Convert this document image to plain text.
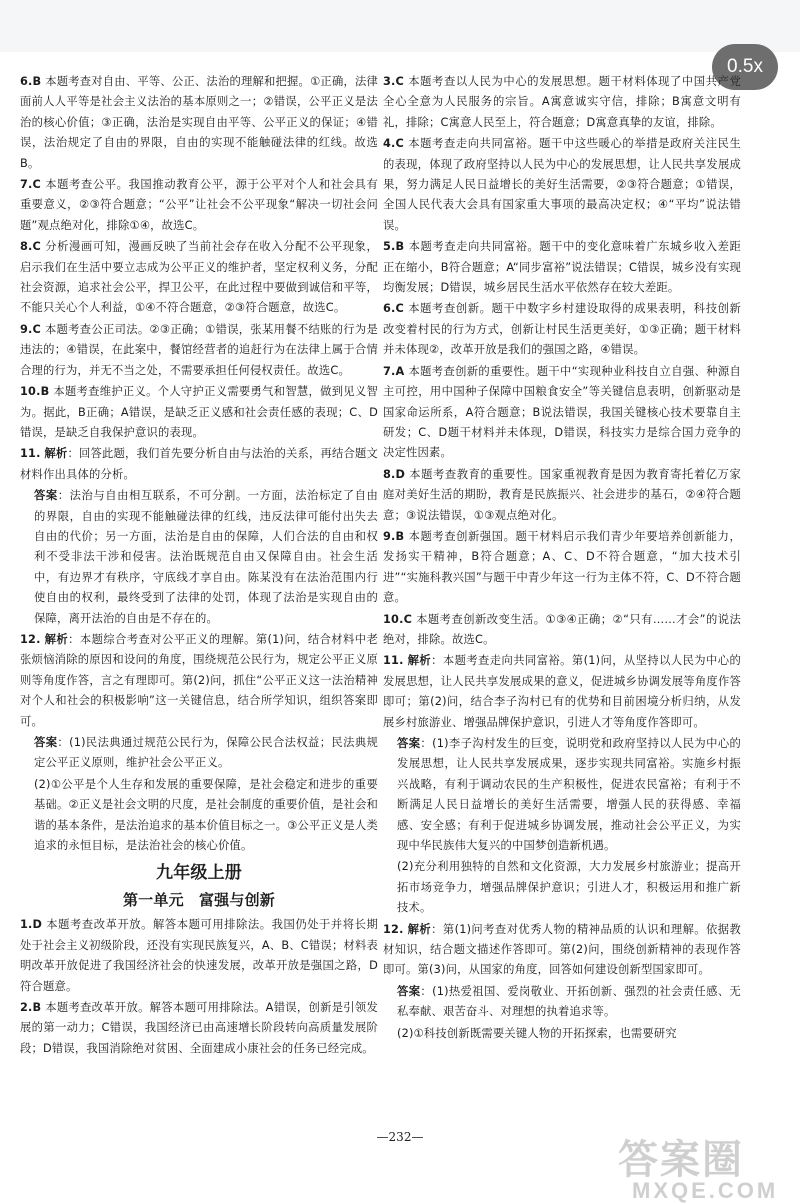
0.5x
6.B 本题考查对自由、平等、公正、法治的理解和把握。①正确，法律面前人人平等是社会主义法治的基本原则之一；②错误，公平正义是法治的核心价值；③正确，法治是实现自由平等、公平正义的保证；④错误，法治规定了自由的界限，自由的实现不能触碰法律的红线。故选B。
7.C 本题考查公平。我国推动教育公平，源于公平对个人和社会具有重要意义，②③符合题意；“公平”让社会不公平现象“解决一切社会问题”观点绝对化，排除①④，故选C。
8.C 分析漫画可知，漫画反映了当前社会存在收入分配不公平现象，启示我们在生活中要立志成为公平正义的维护者，坚定权利义务，分配社会资源，追求社会公平，捍卫公平，在此过程中要做到诚信和平等，不能只关心个人利益，①④不符合题意，②③符合题意，故选C。
9.C 本题考查公正司法。②③正确；①错误，张某用餐不结账的行为是违法的；④错误，在此案中，餐馆经营者的追赶行为在法律上属于合情合理的行为，并无不当之处，不需要承担任何侵权责任。故选C。
10.B 本题考查维护正义。个人守护正义需要勇气和智慧，做到见义智为。据此，B正确；A错误，是缺乏正义感和社会责任感的表现；C、D错误，是缺乏自我保护意识的表现。
11. 解析：回答此题，我们首先要分析自由与法治的关系，再结合题文材料作出具体的分析。
答案：法治与自由相互联系，不可分割。一方面，法治标定了自由的界限，自由的实现不能触碰法律的红线，违反法律可能付出失去自由的代价；另一方面，法治是自由的保障，人们合法的自由和权利不受非法干涉和侵害。法治既规范自由又保障自由。社会生活中，有边界才有秩序，守底线才享自由。陈某没有在法治范围内行使自由的权利，最终受到了法律的处罚，体现了法治是实现自由的保障，离开法治的自由是不存在的。
12. 解析：本题综合考查对公平正义的理解。第(1)问，结合材料中老张烦恼消除的原因和设问的角度，围绕规范公民行为，规定公平正义原则等角度作答，言之有理即可。第(2)问，抓住“公平正义这一法治精神对个人和社会的积极影响”这一关键信息，结合所学知识，组织答案即可。
答案：(1)民法典通过规范公民行为，保障公民合法权益；民法典规定公平正义原则，维护社会公平正义。
(2)①公平是个人生存和发展的重要保障，是社会稳定和进步的重要基础。②正义是社会文明的尺度，是社会制度的重要价值，是社会和谐的基本条件，是法治追求的基本价值目标之一。③公平正义是人类追求的永恒目标，是法治社会的核心价值。
九年级上册
第一单元　富强与创新
1.D 本题考查改革开放。解答本题可用排除法。我国仍处于并将长期处于社会主义初级阶段，还没有实现民族复兴，A、B、C错误；材料表明改革开放促进了我国经济社会的快速发展，改革开放是强国之路，D符合题意。
2.B 本题考查改革开放。解答本题可用排除法。A错误，创新是引领发展的第一动力；C错误，我国经济已由高速增长阶段转向高质量发展阶段；D错误，我国消除绝对贫困、全面建成小康社会的任务已经完成。
3.C 本题考查以人民为中心的发展思想。题干材料体现了中国共产党全心全意为人民服务的宗旨。A寓意诚实守信，排除；B寓意文明有礼，排除；C寓意人民至上，符合题意；D寓意真挚的友谊，排除。
4.C 本题考查走向共同富裕。题干中这些暖心的举措是政府关注民生的表现，体现了政府坚持以人民为中心的发展思想，让人民共享发展成果，努力满足人民日益增长的美好生活需要，②③符合题意；①错误，全国人民代表大会具有国家重大事项的最高决定权；④“平均”说法错误。
5.B 本题考查走向共同富裕。题干中的变化意味着广东城乡收入差距正在缩小，B符合题意；A“同步富裕”说法错误；C错误，城乡没有实现均衡发展；D错误，城乡居民生活水平依然存在较大差距。
6.C 本题考查创新。题干中数字乡村建设取得的成果表明，科技创新改变着村民的行为方式，创新让村民生活更美好，①③正确；题干材料并未体现②，改革开放是我们的强国之路，④错误。
7.A 本题考查创新的重要性。题干中“实现种业科技自立自强、种源自主可控，用中国种子保障中国粮食安全”等关键信息表明，创新驱动是国家命运所系，A符合题意；B说法错误，我国关键核心技术要靠自主研发；C、D题干材料并未体现，D错误，科技实力是综合国力竞争的决定性因素。
8.D 本题考查教育的重要性。国家重视教育是因为教育寄托着亿万家庭对美好生活的期盼，教育是民族振兴、社会进步的基石，②④符合题意；③说法错误，①③观点绝对化。
9.B 本题考查创新强国。题干材料启示我们青少年要培养创新能力，发扬实干精神，B符合题意；A、C、D不符合题意，“加大技术引进”“实施科教兴国”与题干中青少年这一行为主体不符，C、D不符合题意。
10.C 本题考查创新改变生活。①③④正确；②“只有……才会”的说法绝对，排除。故选C。
11. 解析：本题考查走向共同富裕。第(1)问，从坚持以人民为中心的发展思想，让人民共享发展成果的意义，促进城乡协调发展等角度作答即可；第(2)问，结合李子沟村已有的优势和目前困境分析归纳，从发展乡村旅游业、增强品牌保护意识，引进人才等角度作答即可。
答案：(1)李子沟村发生的巨变，说明党和政府坚持以人民为中心的发展思想，让人民共享发展成果，逐步实现共同富裕。实施乡村振兴战略，有利于调动农民的生产积极性，促进农民富裕；有利于不断满足人民日益增长的美好生活需要，增强人民的获得感、幸福感、安全感；有利于促进城乡协调发展，推动社会公平正义，为实现中华民族伟大复兴的中国梦创造新机遇。
(2)充分利用独特的自然和文化资源，大力发展乡村旅游业；提高开拓市场竞争力，增强品牌保护意识；引进人才，积极运用和推广新技术。
12. 解析：第(1)问考查对优秀人物的精神品质的认识和理解。依据教材知识，结合题文描述作答即可。第(2)问，围绕创新精神的表现作答即可。第(3)问，从国家的角度，回答如何建设创新型国家即可。
答案：(1)热爱祖国、爱岗敬业、开拓创新、强烈的社会责任感、无私奉献、艰苦奋斗、对理想的执着追求等。
(2)①科技创新既需要关键人物的开拓探索，也需要研究
—232—
答案圈
MXQE.COM
